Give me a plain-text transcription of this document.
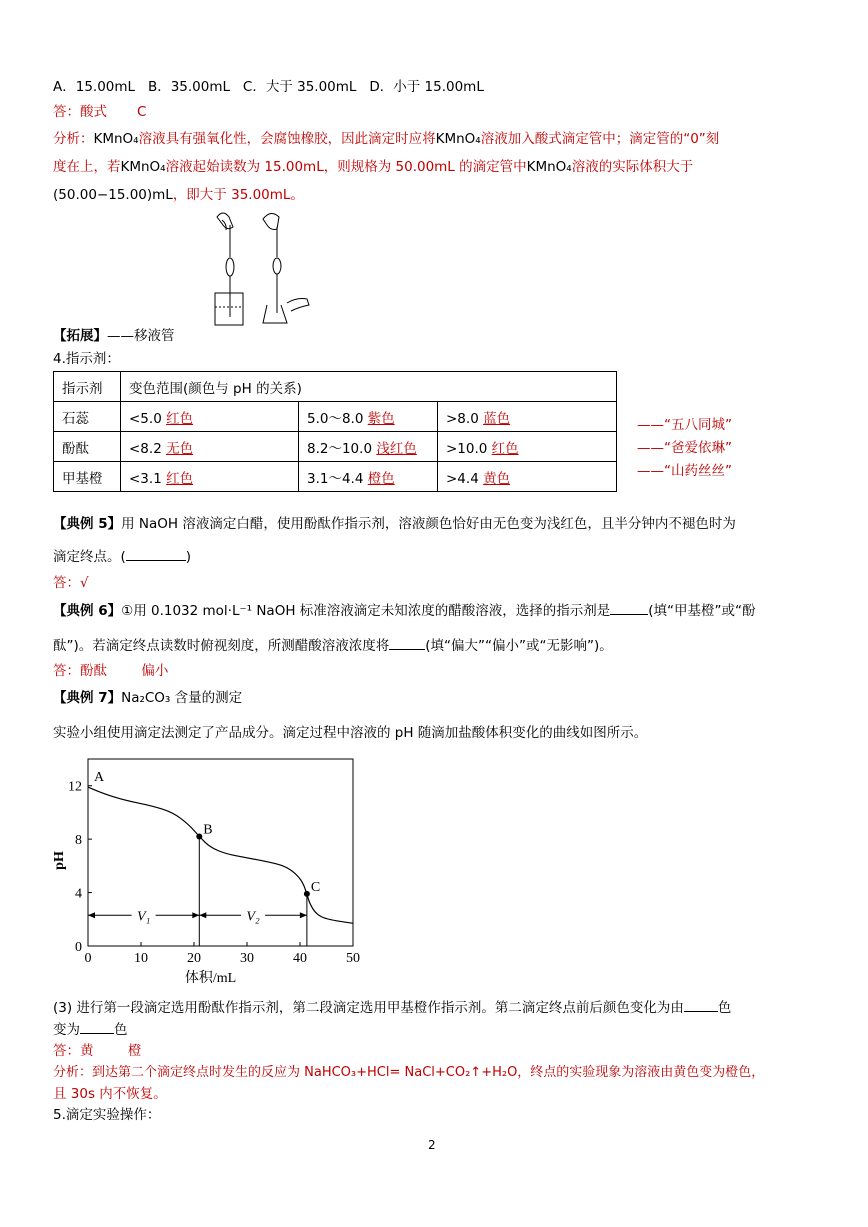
A．15.00mL B．35.00mL C．大于 35.00mL D．小于 15.00mL
答：酸式 C
分析：KMnO₄溶液具有强氧化性，会腐蚀橡胶，因此滴定时应将KMnO₄溶液加入酸式滴定管中；滴定管的“0”刻
度在上，若KMnO₄溶液起始读数为 15.00mL，则规格为 50.00mL 的滴定管中KMnO₄溶液的实际体积大于
(50.00−15.00)mL，即大于 35.00mL。
【拓展】——移液管
4.指示剂：
指示剂	变色范围(颜色与 pH 的关系)		
石蕊	<5.0 红色	5.0～8.0 紫色	>8.0 蓝色
酚酞	<8.2 无色	8.2～10.0 浅红色	>10.0 红色
甲基橙	<3.1 红色	3.1～4.4 橙色	>4.4 黄色
——“五八同城”
——“爸爱依琳”
——“山药丝丝”
【典例 5】用 NaOH 溶液滴定白醋，使用酚酞作指示剂，溶液颜色恰好由无色变为浅红色，且半分钟内不褪色时为
滴定终点。(	)
答：√
【典例 6】①用 0.1032 mol·L⁻¹ NaOH 标准溶液滴定未知浓度的醋酸溶液，选择的指示剂是	(填“甲基橙”或“酚
酞”)。若滴定终点读数时俯视刻度，所测醋酸溶液浓度将	(填“偏大”“偏小”或“无影响”)。
答：酚酞	偏小
【典例 7】Na₂CO₃ 含量的测定
实验小组使用滴定法测定了产品成分。滴定过程中溶液的 pH 随滴加盐酸体积变化的曲线如图所示。
0	10	20	30	40	50
0
4
8
12
V₁	V₂
A
B
C
体积/mL
pH
(3) 进行第一段滴定选用酚酞作指示剂，第二段滴定选用甲基橙作指示剂。第二滴定终点前后颜色变化为由	色
变为	色
答：黄	橙
分析：到达第二个滴定终点时发生的反应为 NaHCO₃+HCl= NaCl+CO₂↑+H₂O，终点的实验现象为溶液由黄色变为橙色，
且 30s 内不恢复。
5.滴定实验操作：
2
